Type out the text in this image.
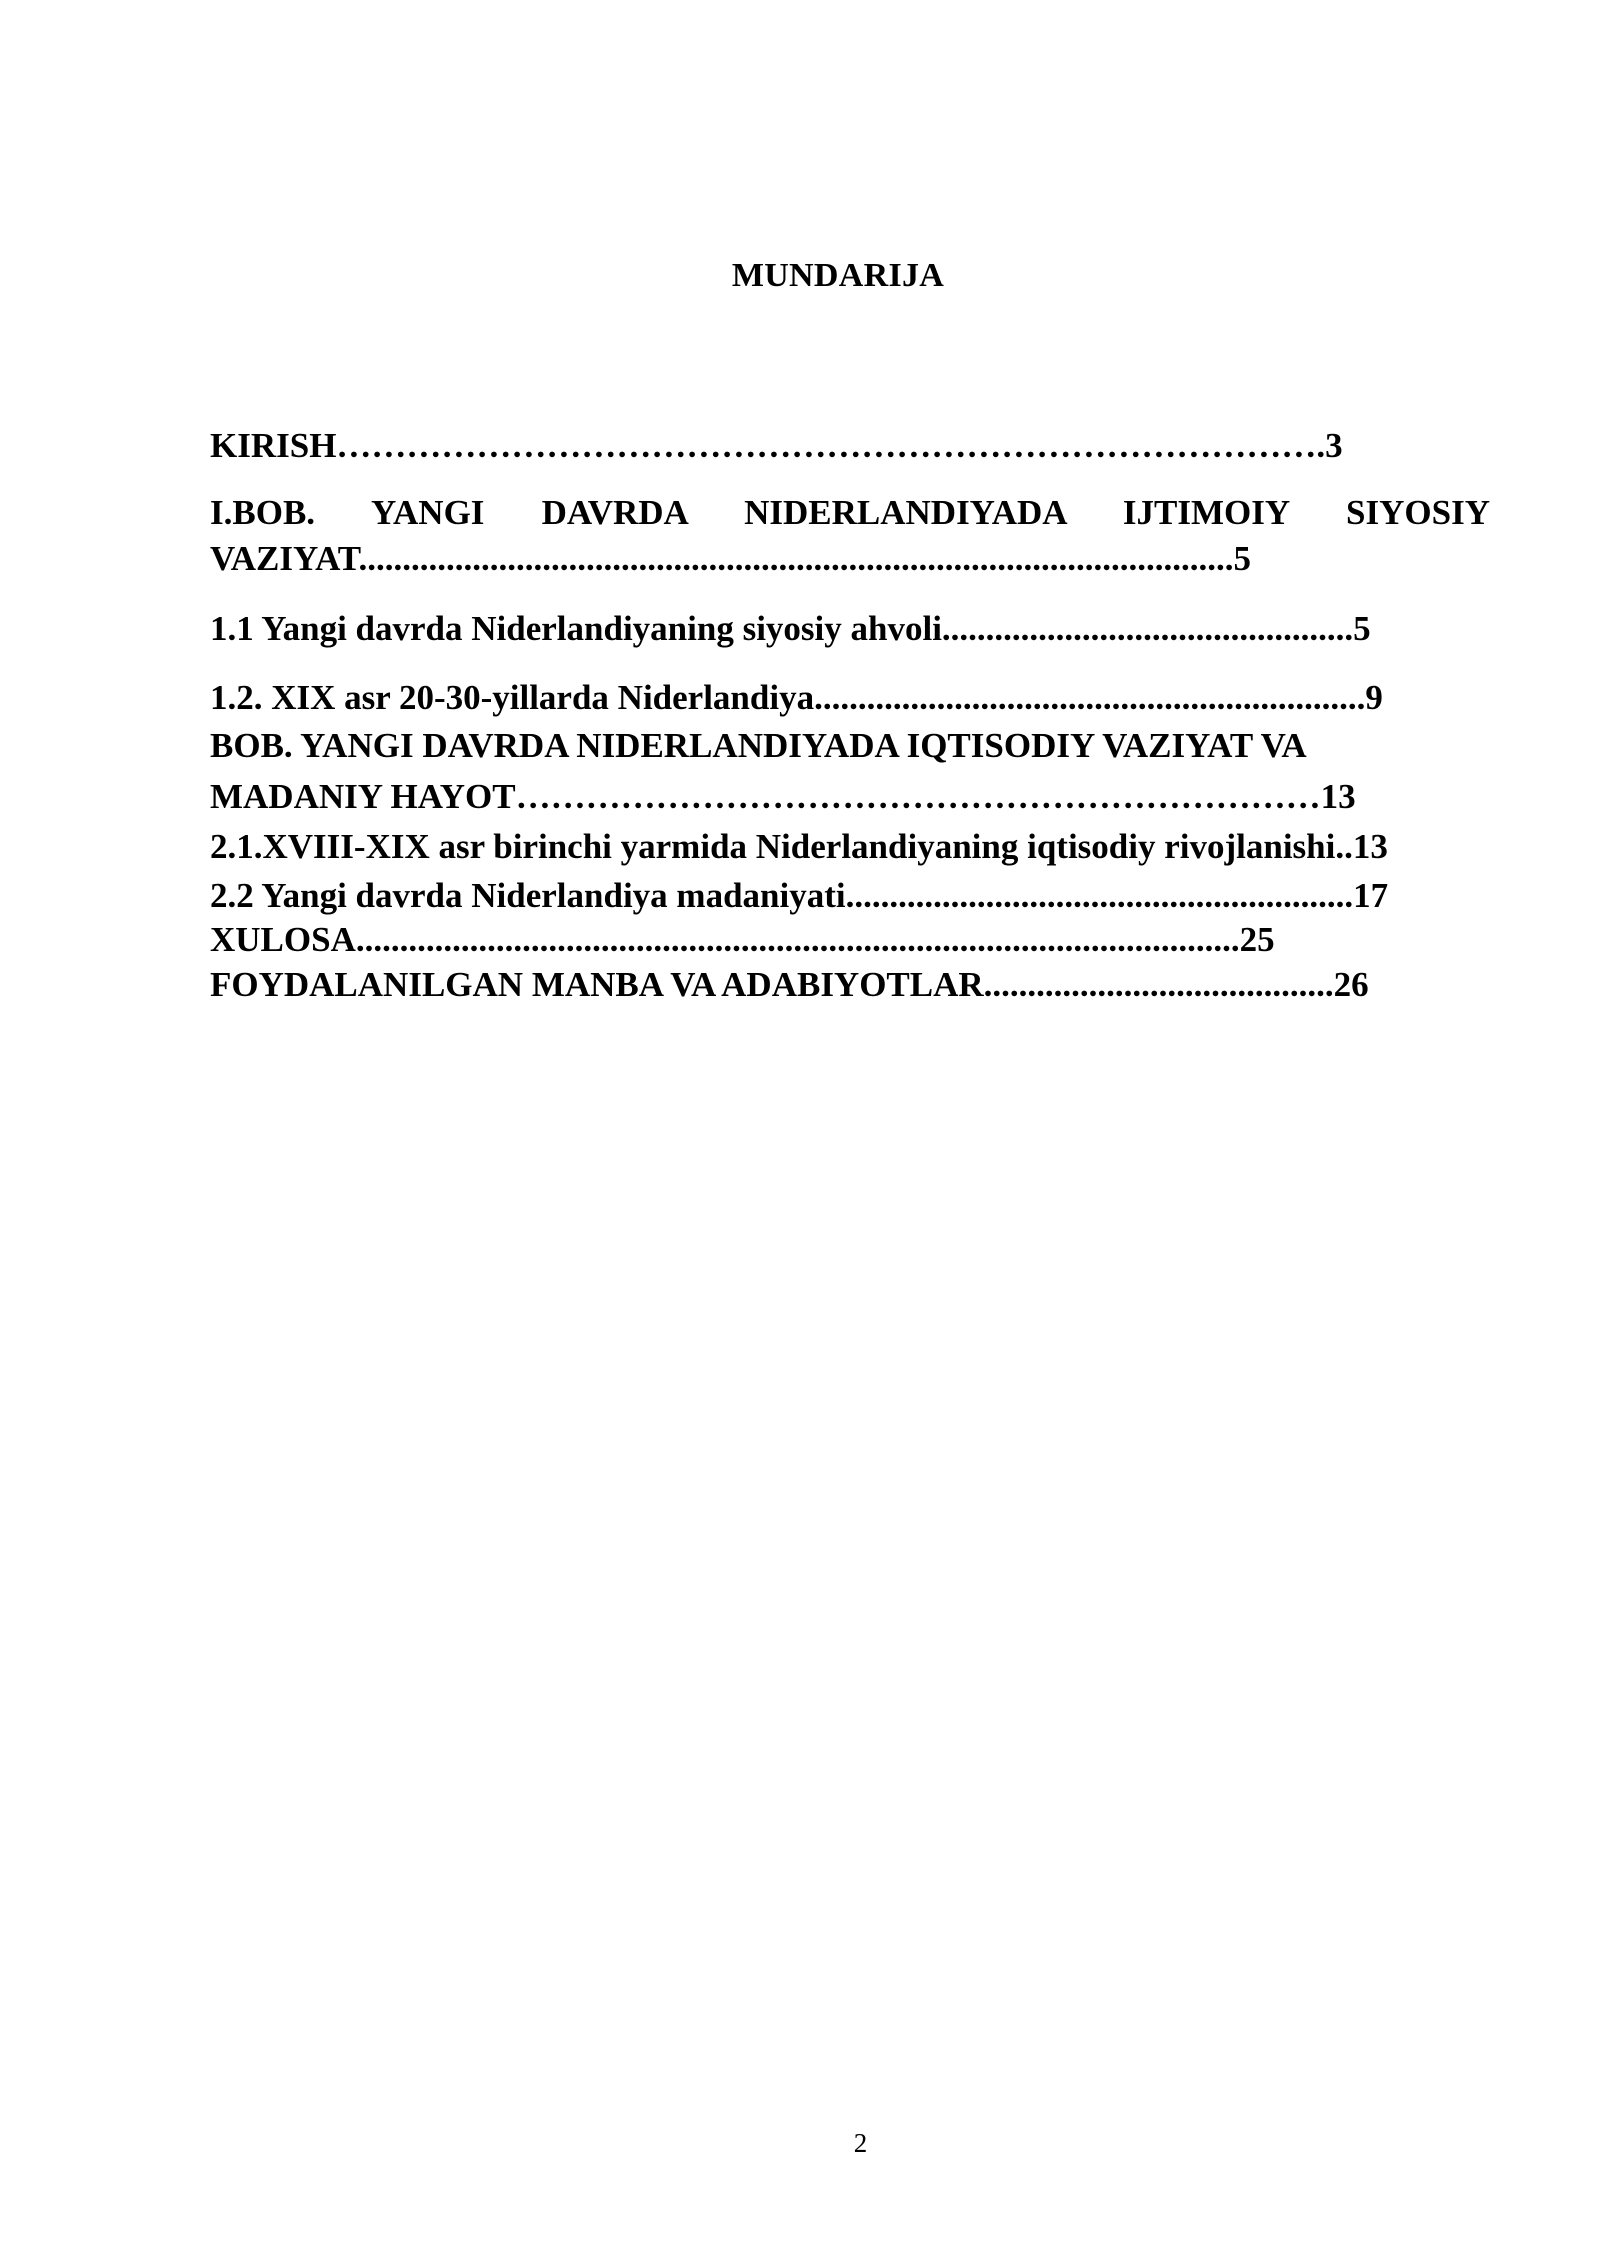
MUNDARIJA
KIRISH………………………………………………………………………….3
I.BOB. YANGI DAVRDA NIDERLANDIYADA IJTIMOIY SIYOSIY
VAZIYAT....................................................................................................5
1.1 Yangi davrda Niderlandiyaning siyosiy ahvoli...............................................5
1.2. XIX asr 20-30-yillarda Niderlandiya...............................................................9
BOB. YANGI DAVRDA NIDERLANDIYADA IQTISODIY VAZIYAT VA
MADANIY HAYOT……………………………………………………………13
2.1.XVIII-XIX asr birinchi yarmida Niderlandiyaning iqtisodiy rivojlanishi..13
2.2 Yangi davrda Niderlandiya madaniyati..........................................................17
XULOSA.....................................................................................................25
FOYDALANILGAN MANBA VA ADABIYOTLAR........................................26
2
